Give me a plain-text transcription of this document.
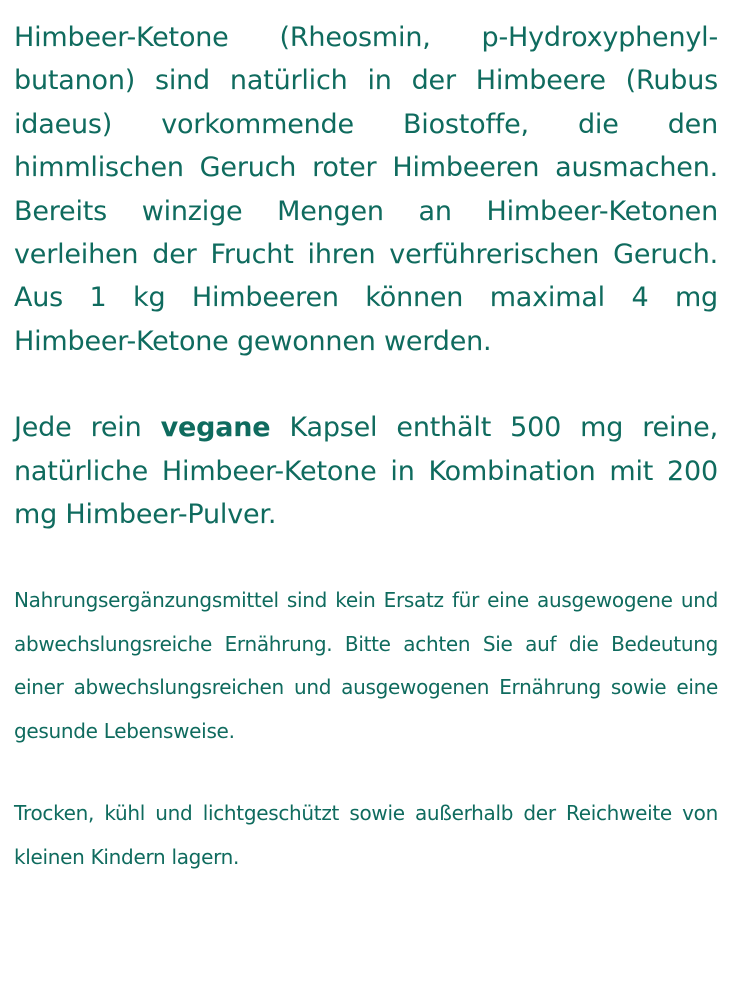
Himbeer-Ketone (Rheosmin, p-Hydroxyphenyl-butanon) sind natürlich in der Himbeere (Rubus idaeus) vorkommende Biostoffe, die den himmlischen Geruch roter Himbeeren ausmachen. Bereits winzige Mengen an Himbeer-Ketonen verleihen der Frucht ihren verführerischen Geruch. Aus 1 kg Himbeeren können maximal 4 mg Himbeer-Ketone gewonnen werden.

Jede rein vegane Kapsel enthält 500 mg reine, natürliche Himbeer-Ketone in Kombination mit 200 mg Himbeer-Pulver.

Nahrungsergänzungsmittel sind kein Ersatz für eine ausgewogene und abwechslungsreiche Ernährung. Bitte achten Sie auf die Bedeutung einer abwechslungsreichen und ausgewogenen Ernährung sowie eine gesunde Lebensweise.

Trocken, kühl und lichtgeschützt sowie außerhalb der Reichweite von kleinen Kindern lagern.
